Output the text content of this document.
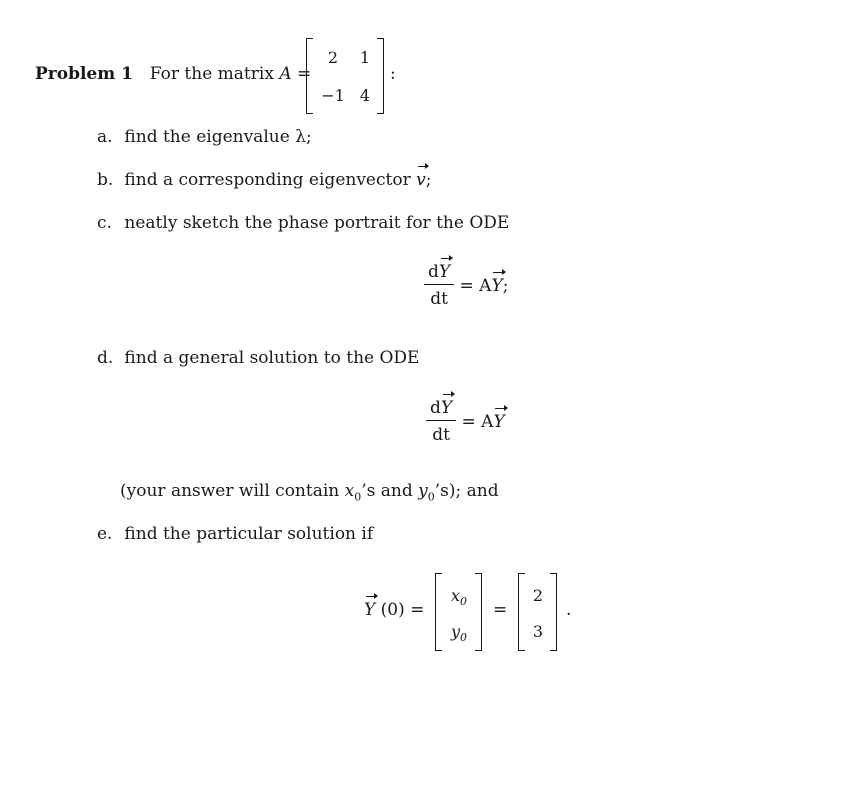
Problem 1 For the matrix A =
2	1
−1 4
:
a. find the eigenvalue λ;
b. find a corresponding eigenvector v;
c. neatly sketch the phase portrait for the ODE
$\frac{dY}{dt}$ = AY;
d. find a general solution to the ODE
$\frac{dY}{dt}$ = AY
(your answer will contain $x_0’s$ and $y_0’s$); and
e. find the particular solution if
Y (0) =
$x_0$
$y_0$
=
2
3
.
